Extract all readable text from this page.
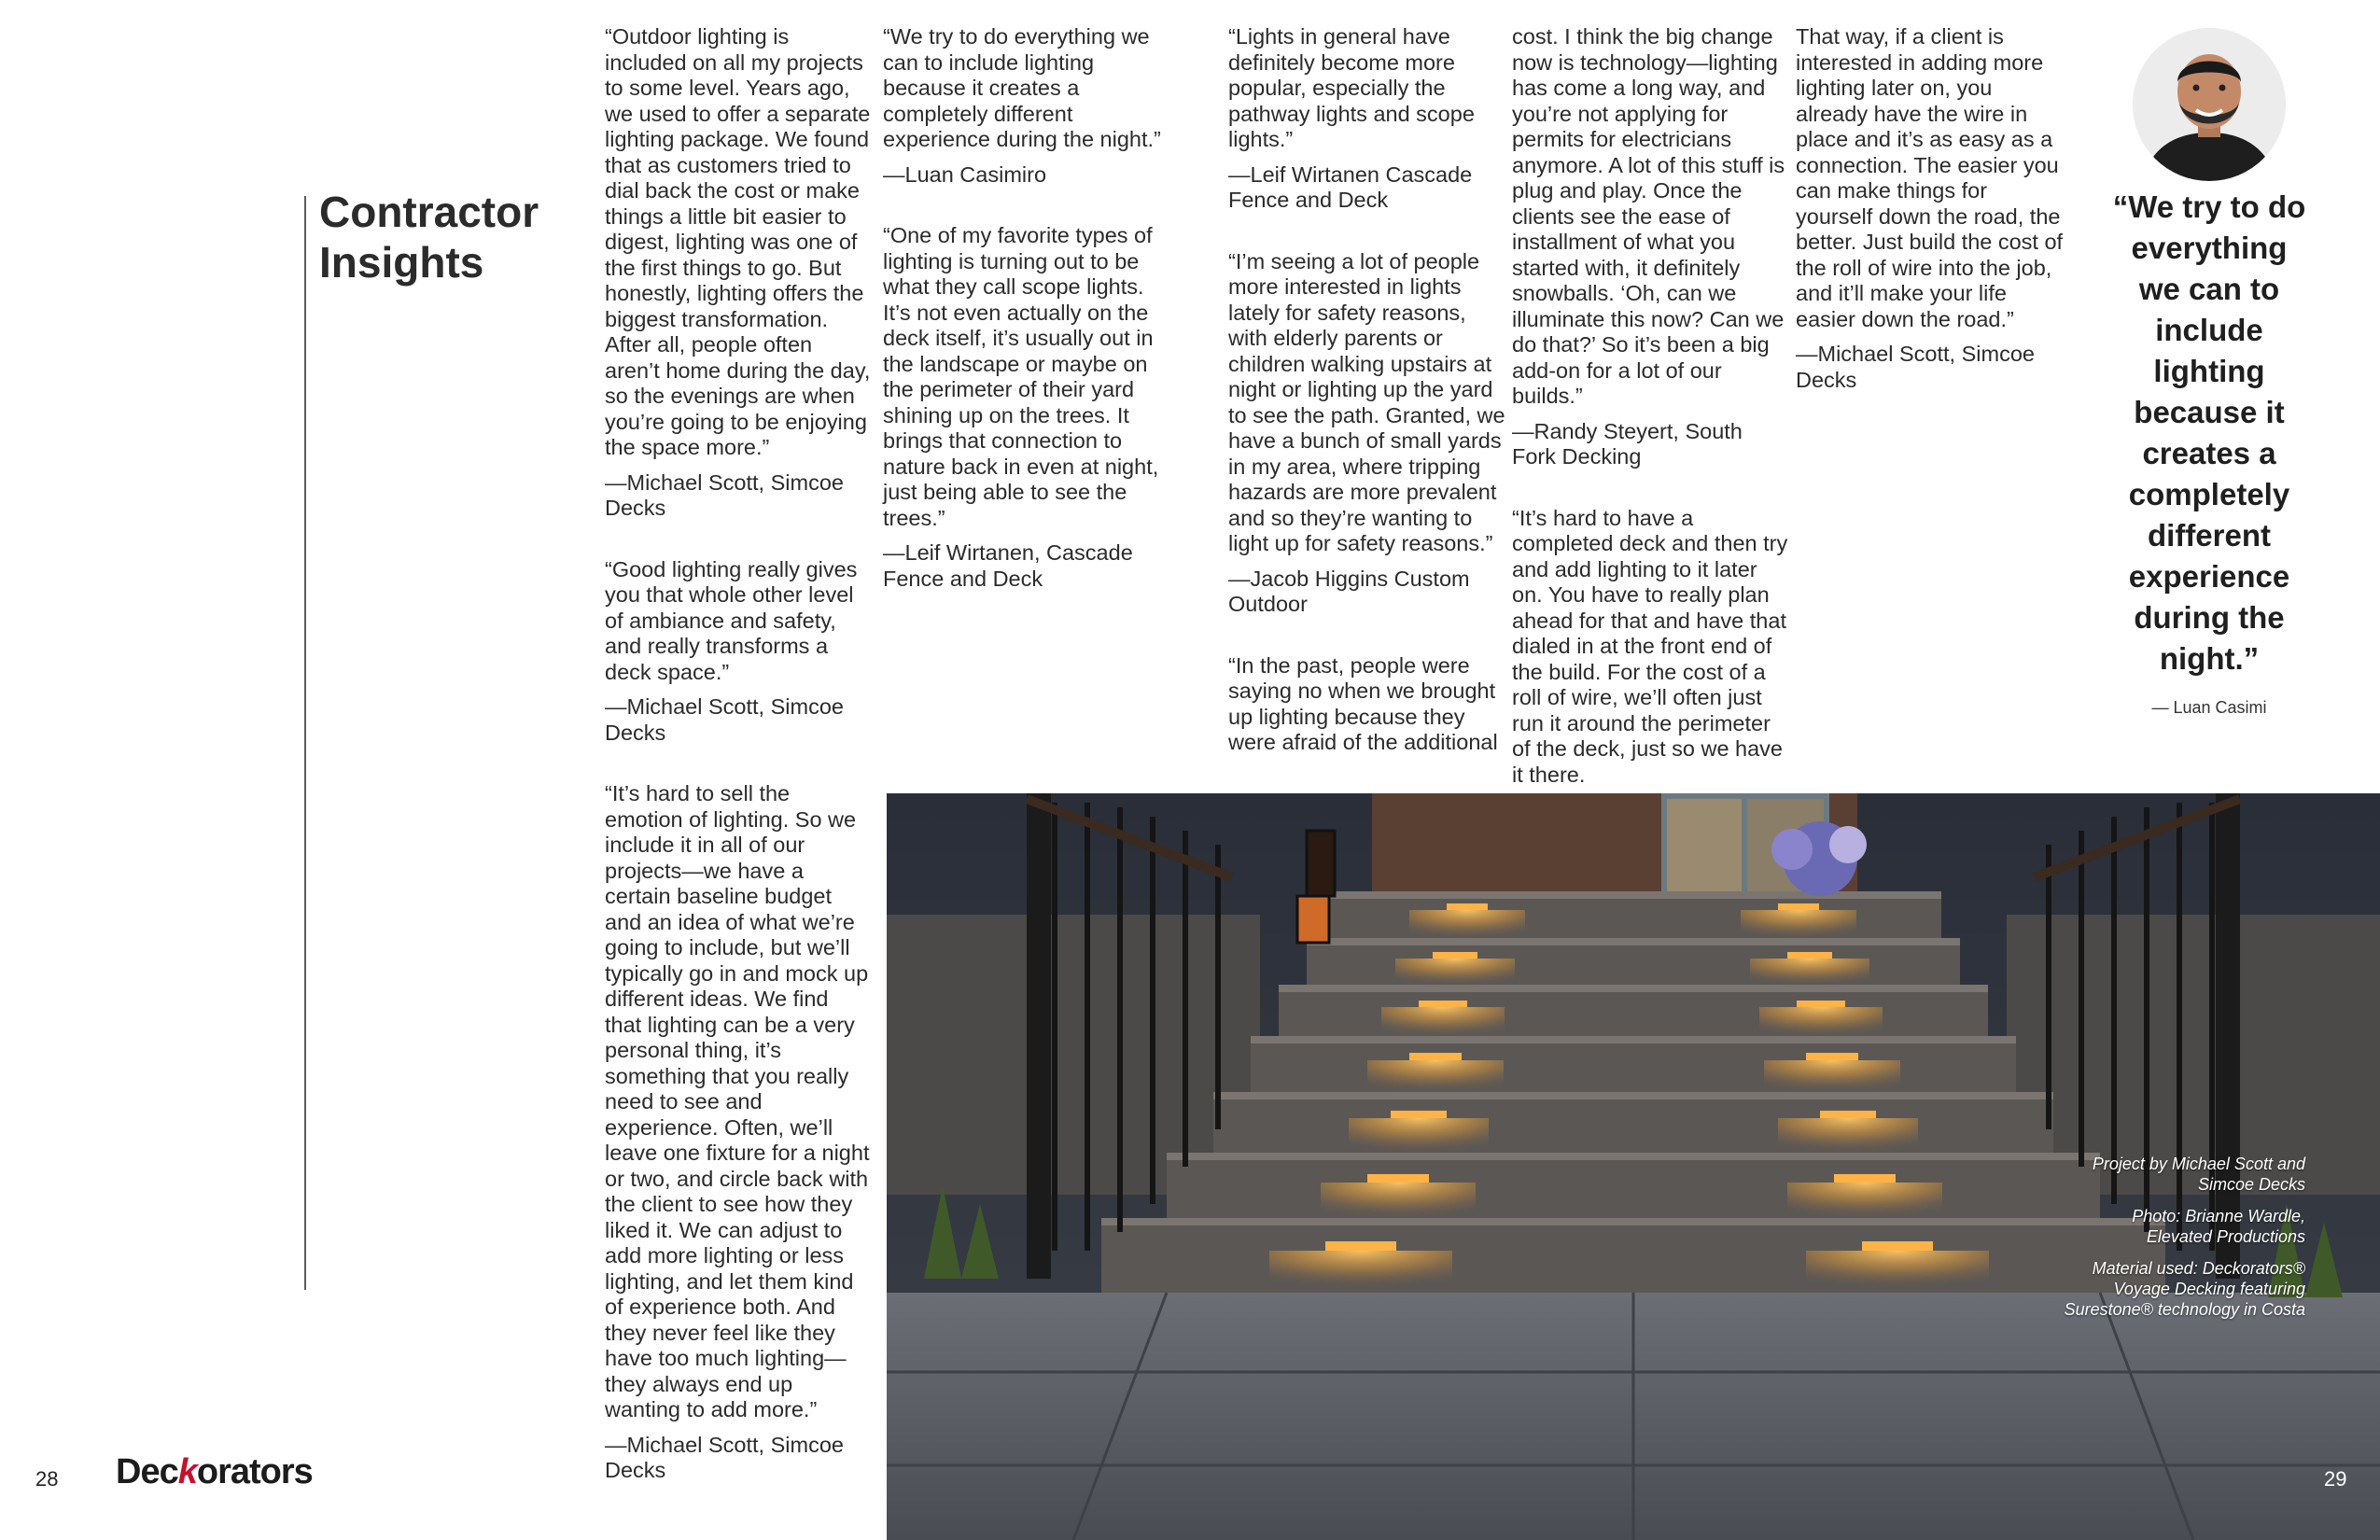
Contractor Insights

“Outdoor lighting is included on all my projects to some level. Years ago, we used to offer a separate lighting package. We found that as customers tried to dial back the cost or make things a little bit easier to digest, lighting was one of the first things to go. But honestly, lighting offers the biggest transformation. After all, people often aren’t home during the day, so the evenings are when you’re going to be enjoying the space more.”

—Michael Scott, Simcoe Decks

“Good lighting really gives you that whole other level of ambiance and safety, and really transforms a deck space.”

—Michael Scott, Simcoe Decks

“It’s hard to sell the emotion of lighting. So we include it in all of our projects—we have a certain baseline budget and an idea of what we’re going to include, but we’ll typically go in and mock up different ideas. We find that lighting can be a very personal thing, it’s something that you really need to see and experience. Often, we’ll leave one fixture for a night or two, and circle back with the client to see how they liked it. We can adjust to add more lighting or less lighting, and let them kind of experience both. And they never feel like they have too much lighting—they always end up wanting to add more.”

—Michael Scott, Simcoe Decks

“We try to do everything we can to include lighting because it creates a completely different experience during the night.”

—Luan Casimiro

“One of my favorite types of lighting is turning out to be what they call scope lights. It’s not even actually on the deck itself, it’s usually out in the landscape or maybe on the perimeter of their yard shining up on the trees. It brings that connection to nature back in even at night, just being able to see the trees.”

—Leif Wirtanen, Cascade Fence and Deck

“Lights in general have definitely become more popular, especially the pathway lights and scope lights.”

—Leif Wirtanen Cascade Fence and Deck

“I’m seeing a lot of people more interested in lights lately for safety reasons, with elderly parents or children walking upstairs at night or lighting up the yard to see the path. Granted, we have a bunch of small yards in my area, where tripping hazards are more prevalent and so they’re wanting to light up for safety reasons.”

—Jacob Higgins Custom Outdoor

“In the past, people were saying no when we brought up lighting because they were afraid of the additional

cost. I think the big change now is technology—lighting has come a long way, and you’re not applying for permits for electricians anymore. A lot of this stuff is plug and play. Once the clients see the ease of installment of what you started with, it definitely snowballs. ‘Oh, can we illuminate this now? Can we do that?’ So it’s been a big add-on for a lot of our builds.”

—Randy Steyert, South Fork Decking

“It’s hard to have a completed deck and then try and add lighting to it later on. You have to really plan ahead for that and have that dialed in at the front end of the build. For the cost of a roll of wire, we’ll often just run it around the perimeter of the deck, just so we have it there.

That way, if a client is interested in adding more lighting later on, you already have the wire in place and it’s as easy as a connection. The easier you can make things for yourself down the road, the better. Just build the cost of the roll of wire into the job, and it’ll make your life easier down the road.”

—Michael Scott, Simcoe Decks

“We try to do everything we can to include lighting because it creates a completely different experience during the night.”
— Luan Casimi

Project by Michael Scott and Simcoe Decks

Photo: Brianne Wardle, Elevated Productions

Material used: Deckorators® Voyage Decking featuring Surestone® technology in Costa

28	29
Deckorators
